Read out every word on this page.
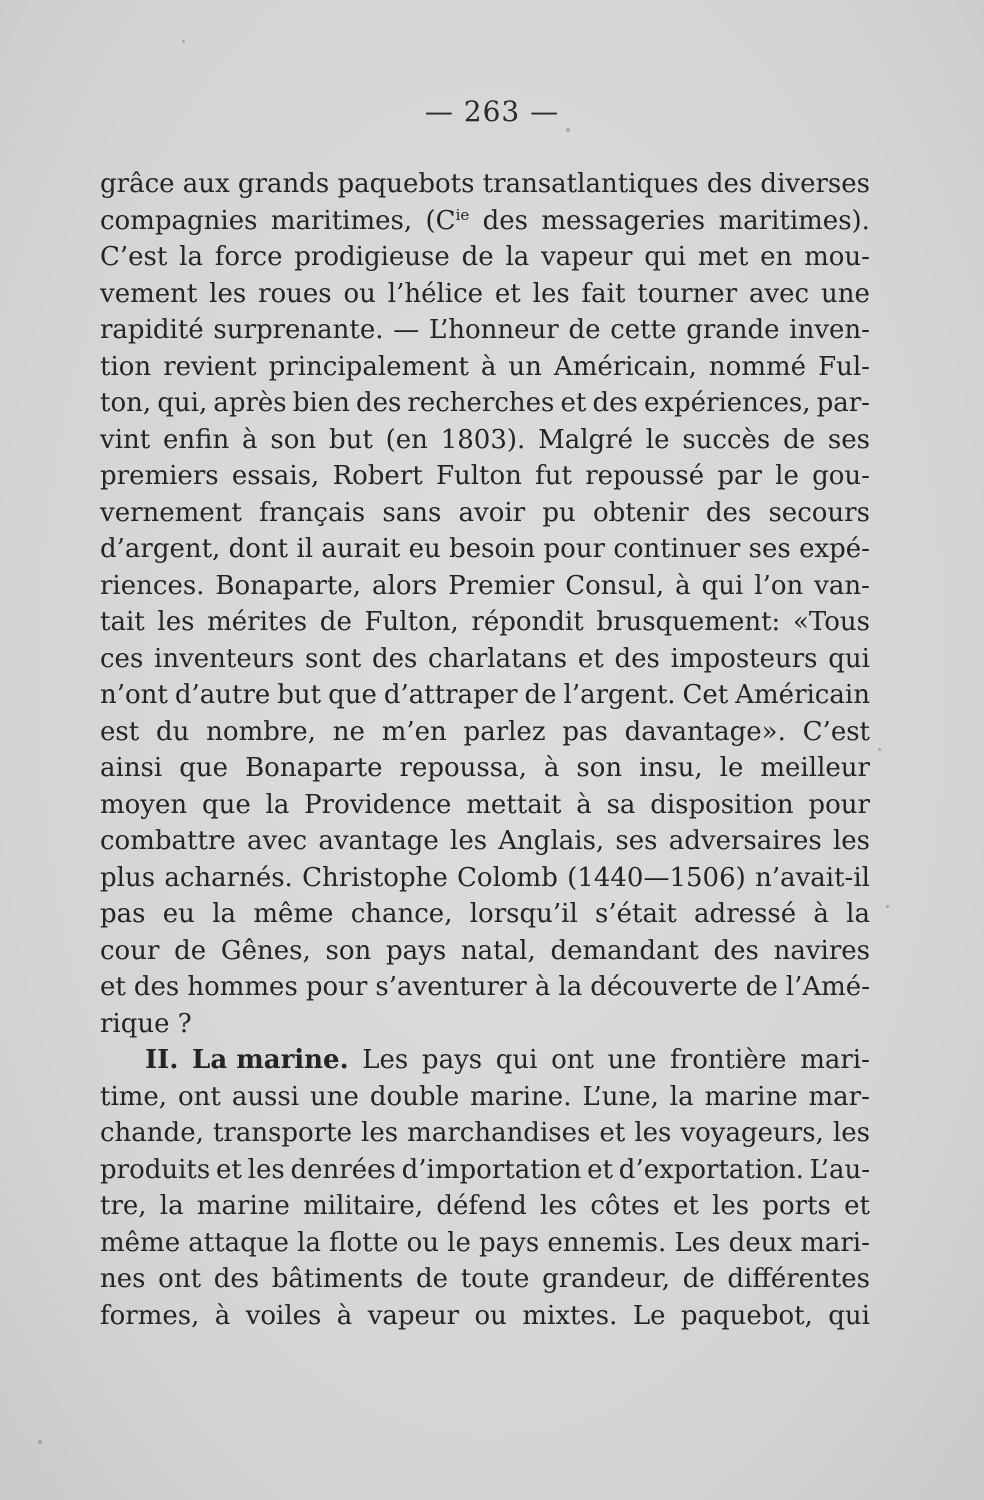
— 263 —
grâce aux grands paquebots transatlantiques des diverses
compagnies maritimes, ($C^{ie}$ des messageries maritimes).
C’est la force prodigieuse de la vapeur qui met en mou-
vement les roues ou l’hélice et les fait tourner avec une
rapidité surprenante. — L’honneur de cette grande inven-
tion revient principalement à un Américain, nommé Ful-
ton, qui, après bien des recherches et des expériences, par-
vint enfin à son but (en 1803). Malgré le succès de ses
premiers essais, Robert Fulton fut repoussé par le gou-
vernement français sans avoir pu obtenir des secours
d’argent, dont il aurait eu besoin pour continuer ses expé-
riences. Bonaparte, alors Premier Consul, à qui l’on van-
tait les mérites de Fulton, répondit brusquement: «Tous
ces inventeurs sont des charlatans et des imposteurs qui
n’ont d’autre but que d’attraper de l’argent. Cet Américain
est du nombre, ne m’en parlez pas davantage». C’est
ainsi que Bonaparte repoussa, à son insu, le meilleur
moyen que la Providence mettait à sa disposition pour
combattre avec avantage les Anglais, ses adversaires les
plus acharnés. Christophe Colomb (1440—1506) n’avait-il
pas eu la même chance, lorsqu’il s’était adressé à la
cour de Gênes, son pays natal, demandant des navires
et des hommes pour s’aventurer à la découverte de l’Amé-
rique ?
II. La marine. Les pays qui ont une frontière mari-
time, ont aussi une double marine. L’une, la marine mar-
chande, transporte les marchandises et les voyageurs, les
produits et les denrées d’importation et d’exportation. L’au-
tre, la marine militaire, défend les côtes et les ports et
même attaque la flotte ou le pays ennemis. Les deux mari-
nes ont des bâtiments de toute grandeur, de différentes
formes, à voiles à vapeur ou mixtes. Le paquebot, qui
